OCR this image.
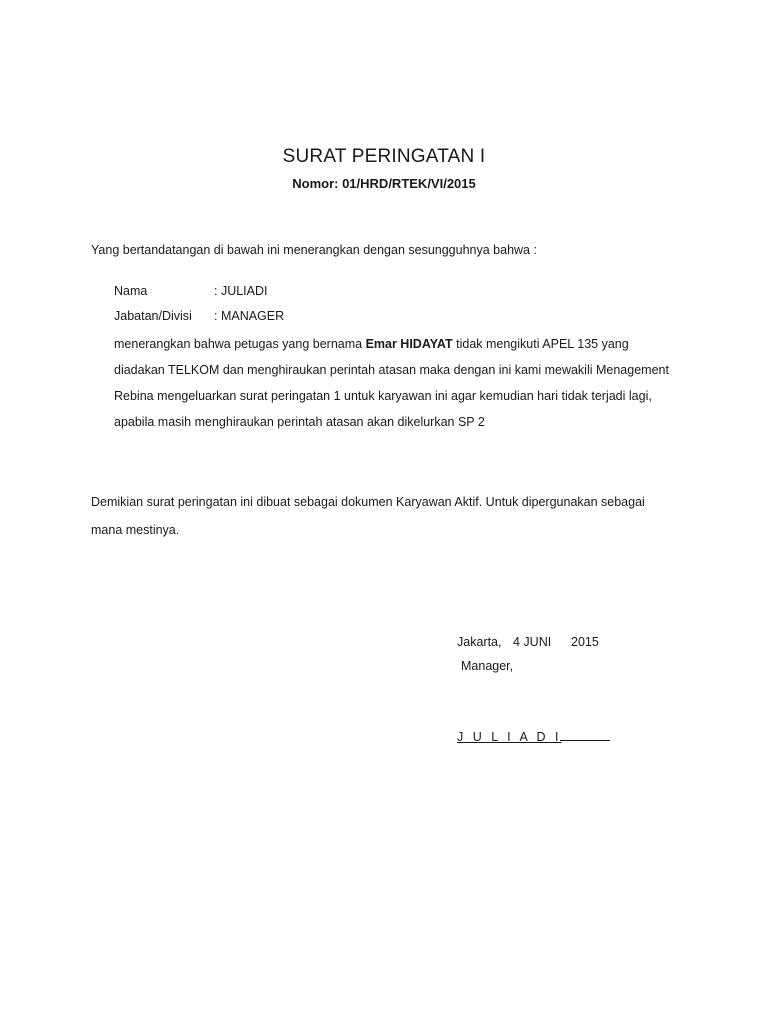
SURAT PERINGATAN I
Nomor: 01/HRD/RTEK/VI/2015
Yang bertandatangan di bawah ini menerangkan dengan sesungguhnya bahwa :
Nama	: JULIADI
Jabatan/Divisi : MANAGER
menerangkan bahwa petugas yang bernama Emar HIDAYAT tidak mengikuti APEL 135 yang
diadakan TELKOM dan menghiraukan perintah atasan maka dengan ini kami mewakili Menagement
Rebina mengeluarkan surat peringatan 1 untuk karyawan ini agar kemudian hari tidak terjadi lagi,
apabila masih menghiraukan perintah atasan akan dikelurkan SP 2
Demikian surat peringatan ini dibuat sebagai dokumen Karyawan Aktif. Untuk dipergunakan sebagai
mana mestinya.
Jakarta, 4 JUNI 2015
Manager,
J U L I A D I
